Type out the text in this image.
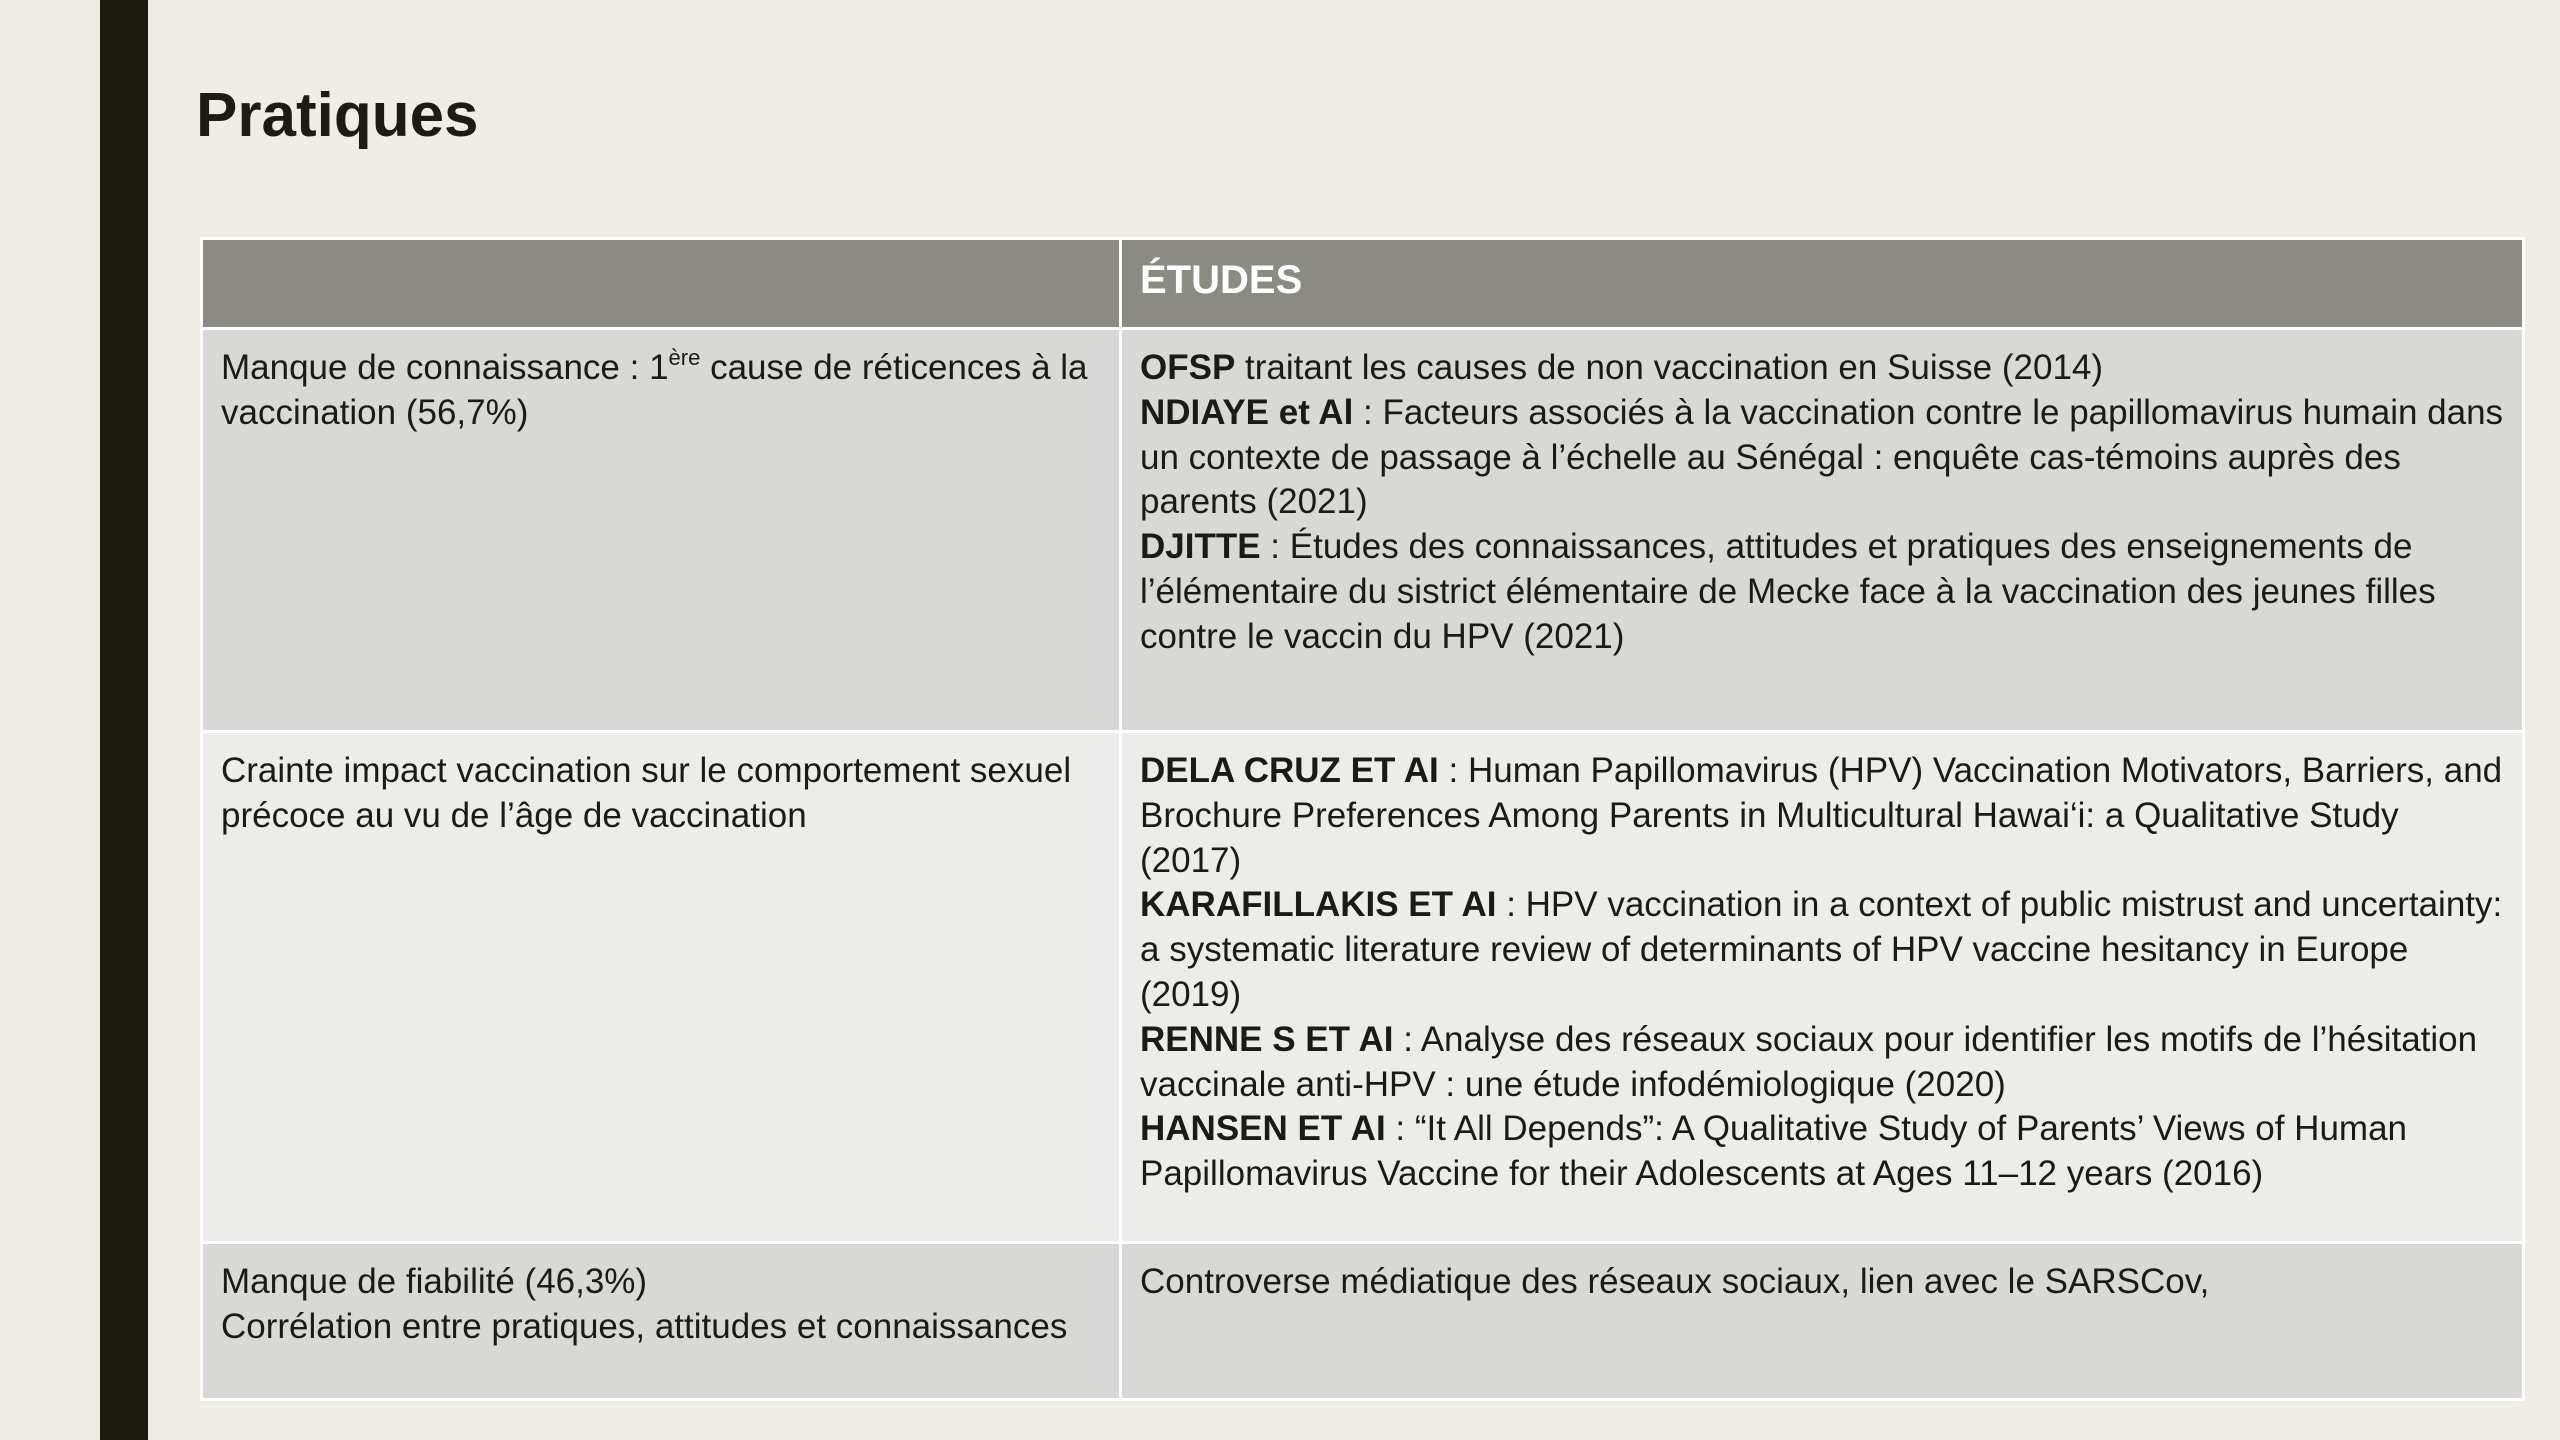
Pratiques
	ÉTUDES
Manque de connaissance : 1ère cause de réticences à la vaccination (56,7%)	OFSP traitant les causes de non vaccination en Suisse (2014)
NDIAYE et Al : Facteurs associés à la vaccination contre le papillomavirus humain dans un contexte de passage à l’échelle au Sénégal : enquête cas-témoins auprès des parents (2021)
DJITTE : Études des connaissances, attitudes et pratiques des enseignements de l’élémentaire du sistrict élémentaire de Mecke face à la vaccination des jeunes filles contre le vaccin du HPV (2021)

Crainte impact vaccination sur le comportement sexuel précoce au vu de l’âge de vaccination	DELA CRUZ ET AI : Human Papillomavirus (HPV) Vaccination Motivators, Barriers, and Brochure Preferences Among Parents in Multicultural Hawai‘i: a Qualitative Study (2017)
KARAFILLAKIS ET AI : HPV vaccination in a context of public mistrust and uncertainty: a systematic literature review of determinants of HPV vaccine hesitancy in Europe (2019)
RENNE S ET AI : Analyse des réseaux sociaux pour identifier les motifs de l’hésitation vaccinale anti-HPV : une étude infodémiologique (2020)
HANSEN ET AI : “It All Depends”: A Qualitative Study of Parents’ Views of Human Papillomavirus Vaccine for their Adolescents at Ages 11–12 years (2016)

Manque de fiabilité (46,3%)
Corrélation entre pratiques, attitudes et connaissances	Controverse médiatique des réseaux sociaux, lien avec le SARSCov,
